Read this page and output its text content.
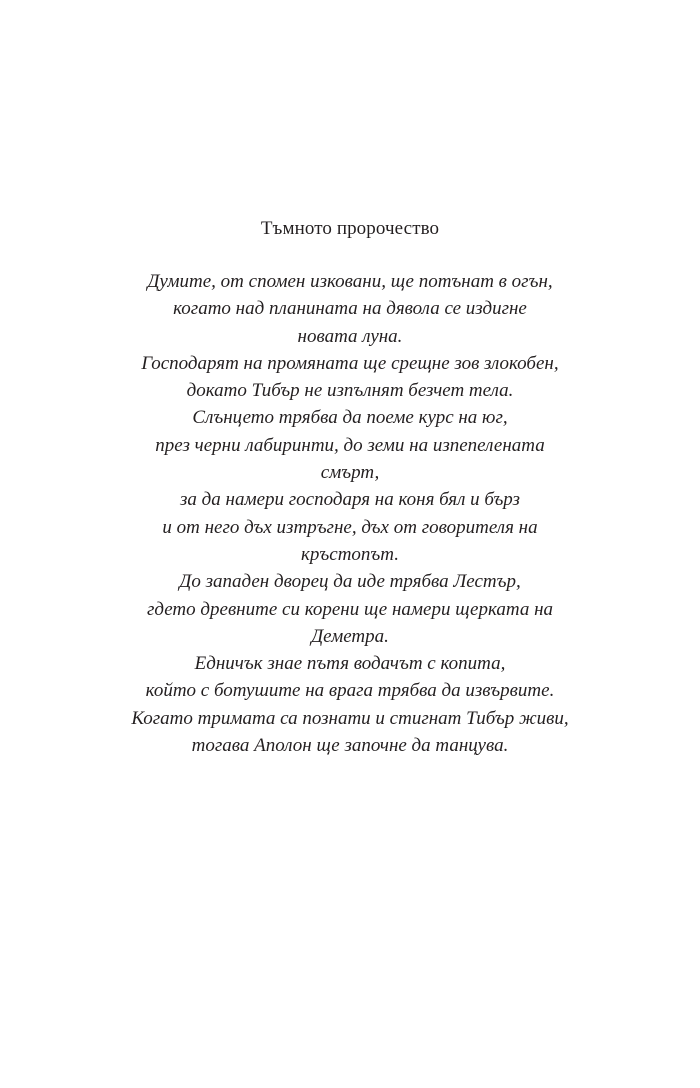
Тъмното пророчество
Думите, от спомен изковани, ще потънат в огън,
когато над планината на дявола се издигне
новата луна.
Господарят на промяната ще срещне зов злокобен,
докато Тибър не изпълнят безчет тела.
Слънцето трябва да поеме курс на юг,
през черни лабиринти, до земи на изпепелената
смърт,
за да намери господаря на коня бял и бърз
и от него дъх изтръгне, дъх от говорителя на
кръстопът.
До западен дворец да иде трябва Лестър,
гдето древните си корени ще намери щерката на
Деметра.
Едничък знае пътя водачът с копита,
който с ботушите на врага трябва да извървите.
Когато тримата са познати и стигнат Тибър живи,
тогава Аполон ще започне да танцува.
